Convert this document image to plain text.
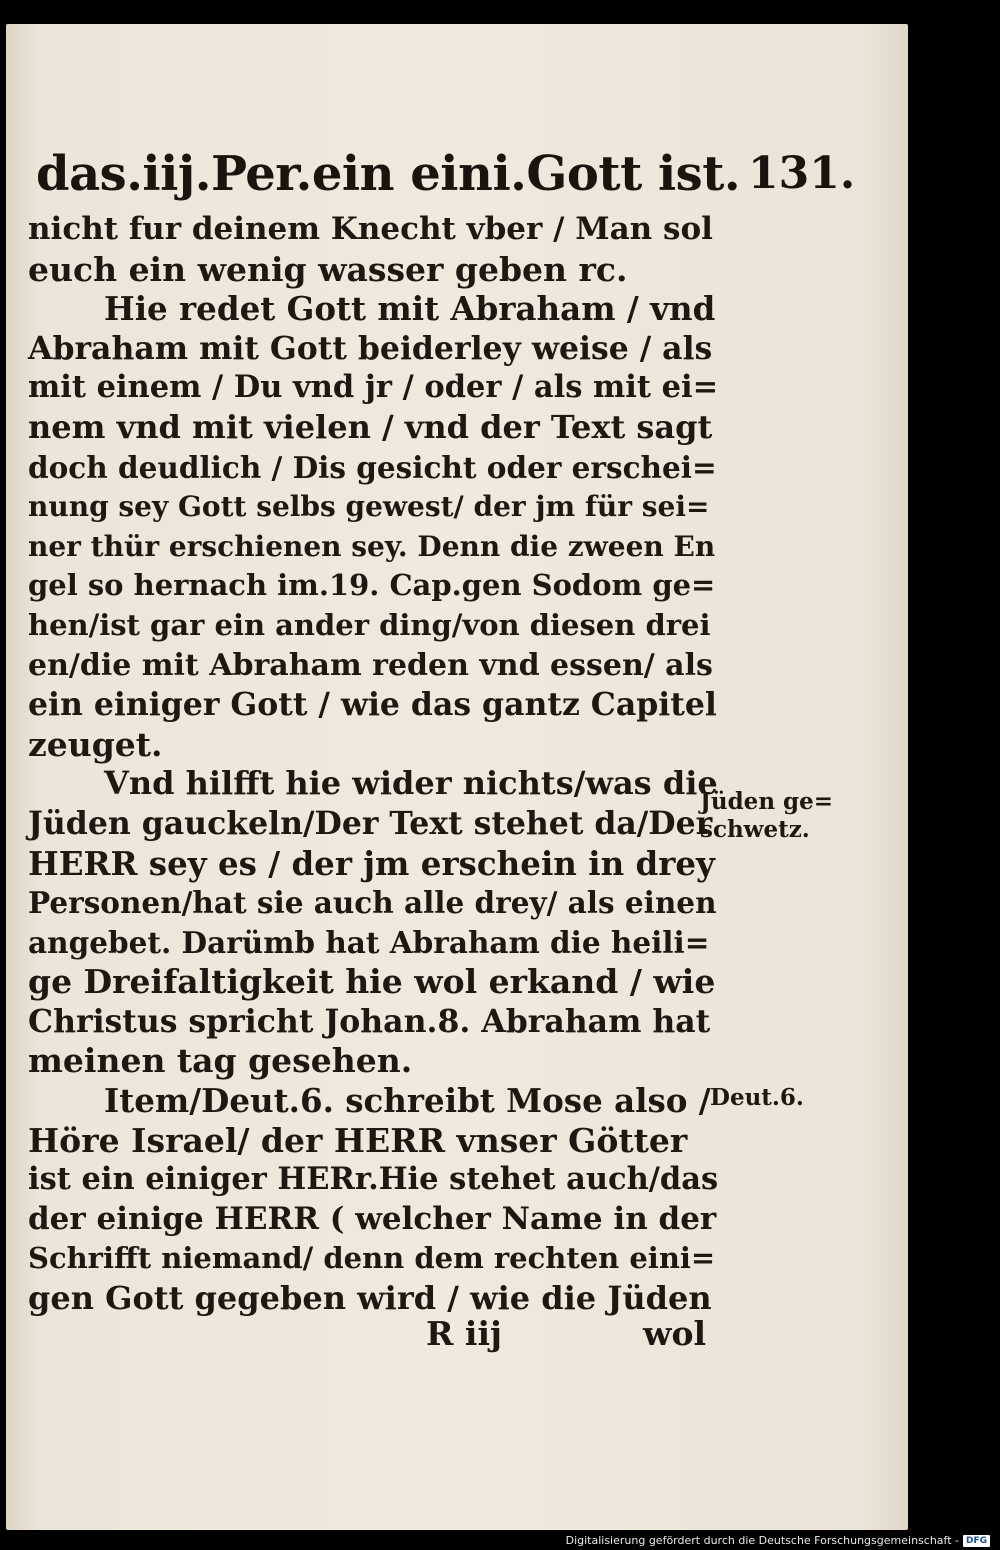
das.iij.Per.ein eini.Gott ist. 131.
nicht fur deinem Knecht vber / Man sol
euch ein wenig wasser geben rc.
Hie redet Gott mit Abraham / vnd
Abraham mit Gott beiderley weise / als
mit einem / Du vnd jr / oder / als mit ei=
nem vnd mit vielen / vnd der Text sagt
doch deudlich / Dis gesicht oder erschei=
nung sey Gott selbs gewest/ der jm für sei=
ner thür erschienen sey. Denn die zween En
gel so hernach im.19. Cap.gen Sodom ge=
hen/ist gar ein ander ding/von diesen drei
en/die mit Abraham reden vnd essen/ als
ein einiger Gott / wie das gantz Capitel
zeuget.
Vnd hilfft hie wider nichts/was die
Jüden gauckeln/Der Text stehet da/Der
HERR sey es / der jm erschein in drey
Personen/hat sie auch alle drey/ als einen
angebet. Darümb hat Abraham die heili=
ge Dreifaltigkeit hie wol erkand / wie
Christus spricht Johan.8. Abraham hat
meinen tag gesehen.
Item/Deut.6. schreibt Mose also /
Höre Israel/ der HERR vnser Götter
ist ein einiger HERr.Hie stehet auch/das
der einige HERR ( welcher Name in der
Schrifft niemand/ denn dem rechten eini=
gen Gott gegeben wird / wie die Jüden
Jüden ge=
schwetz.
Deut.6.
R iij	wol
Digitalisierung gefördert durch die Deutsche Forschungsgemeinschaft - DFG
